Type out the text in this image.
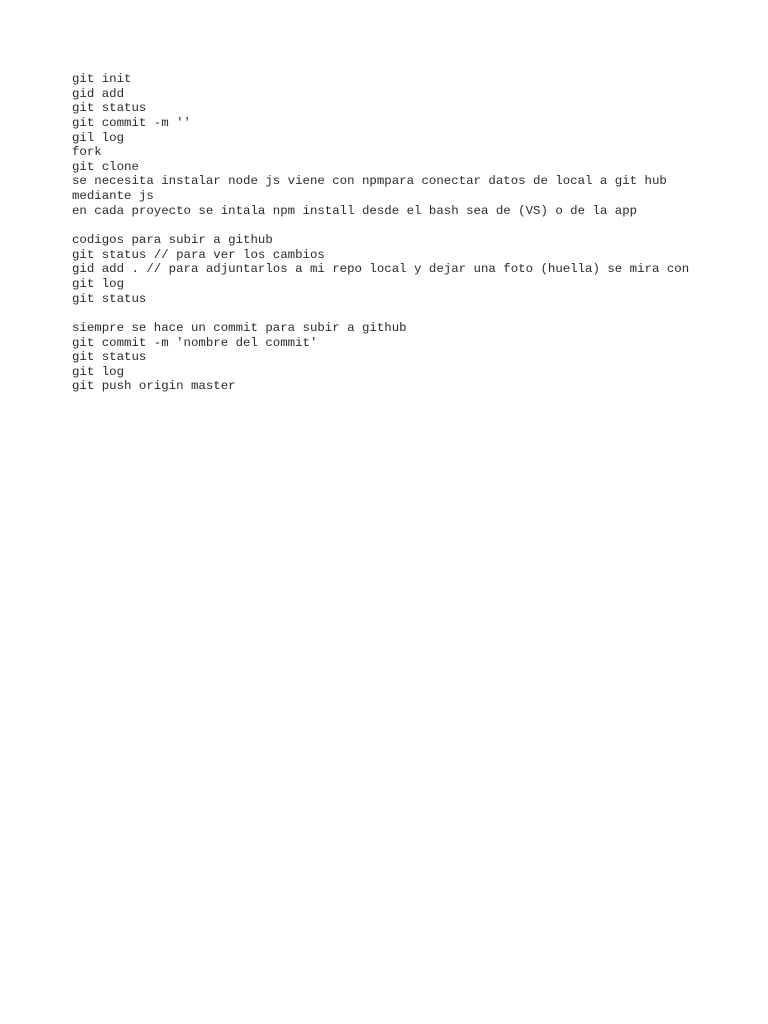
git init
gid add
git status
git commit -m ''
gil log
fork
git clone
se necesita instalar node js viene con npmpara conectar datos de local a git hub
mediante js
en cada proyecto se intala npm install desde el bash sea de (VS) o de la app
codigos para subir a github
git status // para ver los cambios
gid add . // para adjuntarlos a mi repo local y dejar una foto (huella) se mira con
git log
git status
siempre se hace un commit para subir a github
git commit -m 'nombre del commit'
git status
git log
git push origin master
